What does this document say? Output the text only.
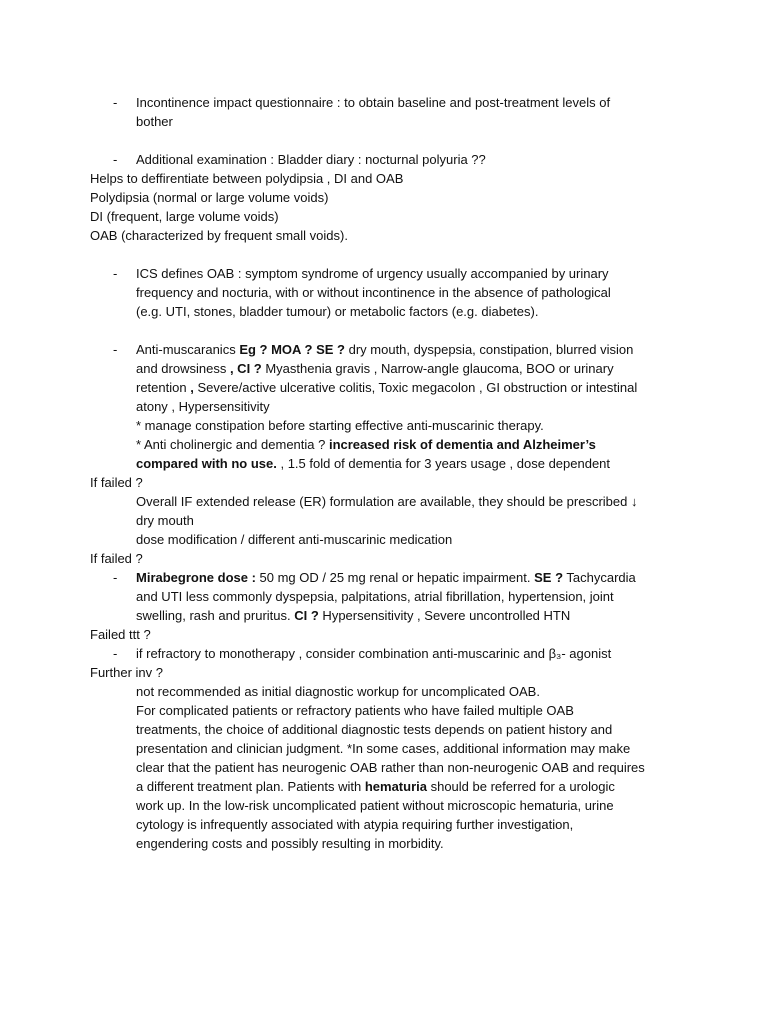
- Incontinence impact questionnaire : to obtain baseline and post-treatment levels of
bother
- Additional examination : Bladder diary : nocturnal polyuria ??
Helps to deffirentiate between polydipsia , DI and OAB
Polydipsia (normal or large volume voids)
DI (frequent, large volume voids)
OAB (characterized by frequent small voids).
- ICS defines OAB : symptom syndrome of urgency usually accompanied by urinary
frequency and nocturia, with or without incontinence in the absence of pathological
(e.g. UTI, stones, bladder tumour) or metabolic factors (e.g. diabetes).
- Anti-muscaranics Eg ? MOA ? SE ? dry mouth, dyspepsia, constipation, blurred vision
and drowsiness , CI ? Myasthenia gravis , Narrow-angle glaucoma, BOO or urinary
retention , Severe/active ulcerative colitis, Toxic megacolon , GI obstruction or intestinal
atony , Hypersensitivity
* manage constipation before starting effective anti-muscarinic therapy.
* Anti cholinergic and dementia ? increased risk of dementia and Alzheimer’s
compared with no use. , 1.5 fold of dementia for 3 years usage , dose dependent
If failed ?
Overall IF extended release (ER) formulation are available, they should be prescribed ↓
dry mouth
dose modification / different anti-muscarinic medication
If failed ?
- Mirabegrone dose : 50 mg OD / 25 mg renal or hepatic impairment. SE ? Tachycardia
and UTI less commonly dyspepsia, palpitations, atrial fibrillation, hypertension, joint
swelling, rash and pruritus. CI ? Hypersensitivity , Severe uncontrolled HTN
Failed ttt ?
- if refractory to monotherapy , consider combination anti-muscarinic and β₃- agonist
Further inv ?
not recommended as initial diagnostic workup for uncomplicated OAB.
For complicated patients or refractory patients who have failed multiple OAB
treatments, the choice of additional diagnostic tests depends on patient history and
presentation and clinician judgment. *In some cases, additional information may make
clear that the patient has neurogenic OAB rather than non-neurogenic OAB and requires
a different treatment plan. Patients with hematuria should be referred for a urologic
work up. In the low-risk uncomplicated patient without microscopic hematuria, urine
cytology is infrequently associated with atypia requiring further investigation,
engendering costs and possibly resulting in morbidity.
